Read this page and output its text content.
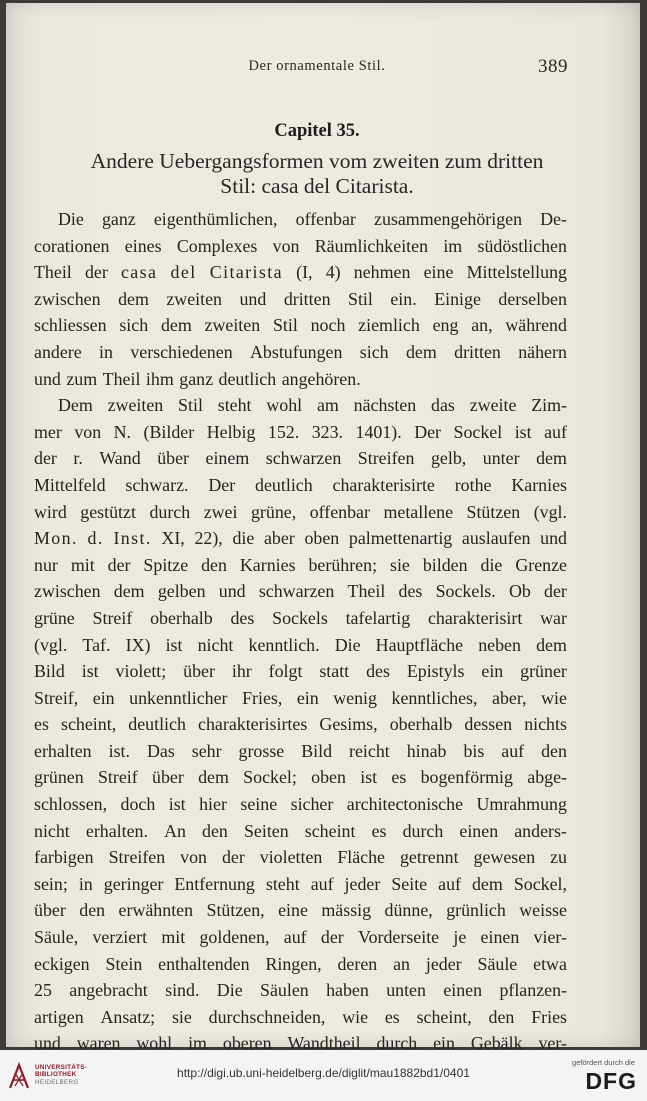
Der ornamentale Stil.	389
Capitel 35.
Andere Uebergangsformen vom zweiten zum dritten
Stil: casa del Citarista.
Die ganz eigenthümlichen, offenbar zusammengehörigen De-
corationen eines Complexes von Räumlichkeiten im südöstlichen
Theil der casa del Citarista (I, 4) nehmen eine Mittelstellung
zwischen dem zweiten und dritten Stil ein. Einige derselben
schliessen sich dem zweiten Stil noch ziemlich eng an, während
andere in verschiedenen Abstufungen sich dem dritten nähern
und zum Theil ihm ganz deutlich angehören.
Dem zweiten Stil steht wohl am nächsten das zweite Zim-
mer von N. (Bilder Helbig 152. 323. 1401). Der Sockel ist auf
der r. Wand über einem schwarzen Streifen gelb, unter dem
Mittelfeld schwarz. Der deutlich charakterisirte rothe Karnies
wird gestützt durch zwei grüne, offenbar metallene Stützen (vgl.
Mon. d. Inst. XI, 22), die aber oben palmettenartig auslaufen und
nur mit der Spitze den Karnies berühren; sie bilden die Grenze
zwischen dem gelben und schwarzen Theil des Sockels. Ob der
grüne Streif oberhalb des Sockels tafelartig charakterisirt war
(vgl. Taf. IX) ist nicht kenntlich. Die Hauptfläche neben dem
Bild ist violett; über ihr folgt statt des Epistyls ein grüner
Streif, ein unkenntlicher Fries, ein wenig kenntliches, aber, wie
es scheint, deutlich charakterisirtes Gesims, oberhalb dessen nichts
erhalten ist. Das sehr grosse Bild reicht hinab bis auf den
grünen Streif über dem Sockel; oben ist es bogenförmig abge-
schlossen, doch ist hier seine sicher architectonische Umrahmung
nicht erhalten. An den Seiten scheint es durch einen anders-
farbigen Streifen von der violetten Fläche getrennt gewesen zu
sein; in geringer Entfernung steht auf jeder Seite auf dem Sockel,
über den erwähnten Stützen, eine mässig dünne, grünlich weisse
Säule, verziert mit goldenen, auf der Vorderseite je einen vier-
eckigen Stein enthaltenden Ringen, deren an jeder Säule etwa
25 angebracht sind. Die Säulen haben unten einen pflanzen-
artigen Ansatz; sie durchschneiden, wie es scheint, den Fries
und waren wohl im oberen Wandtheil durch ein Gebälk ver-
UNIVERSITÄTS-
BIBLIOTHEK
HEIDELBERG
http://digi.ub.uni-heidelberg.de/diglit/mau1882bd1/0401
gefördert durch die
DFG
